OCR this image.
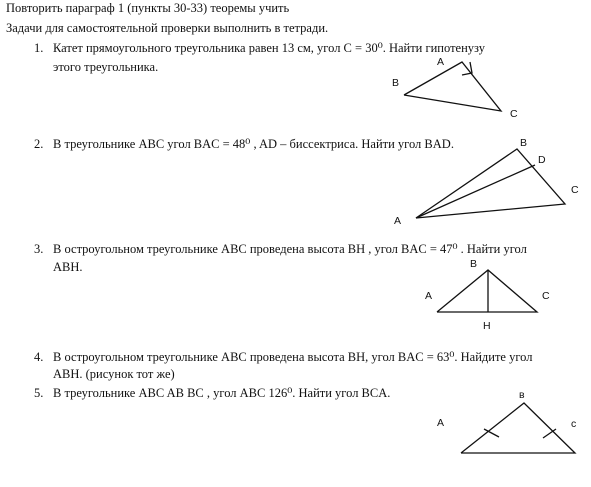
Повторить параграф 1 (пункты 30-33) теоремы учить
Задачи для самостоятельной проверки выполнить в тетради.
1. Катет прямоугольного треугольника равен 13 см, угол С = 30⁰. Найти гипотенузу
этого треугольника.
2. В треугольнике ABC угол BAC = 48⁰ , AD – биссектриса. Найти угол BAD.
3. В остроугольном треугольнике ABC проведена высота BH , угол BAC = 47⁰ . Найти угол
ABH.
4. В остроугольном треугольнике ABC проведена высота BH, угол BAC = 63⁰. Найдите угол
ABH. (рисунок тот же)
5. В треугольнике ABC AB BC , угол ABC 126⁰. Найти угол BCA.
A
B
C
B
D
C
A
B
A	C
H
в
A	c
